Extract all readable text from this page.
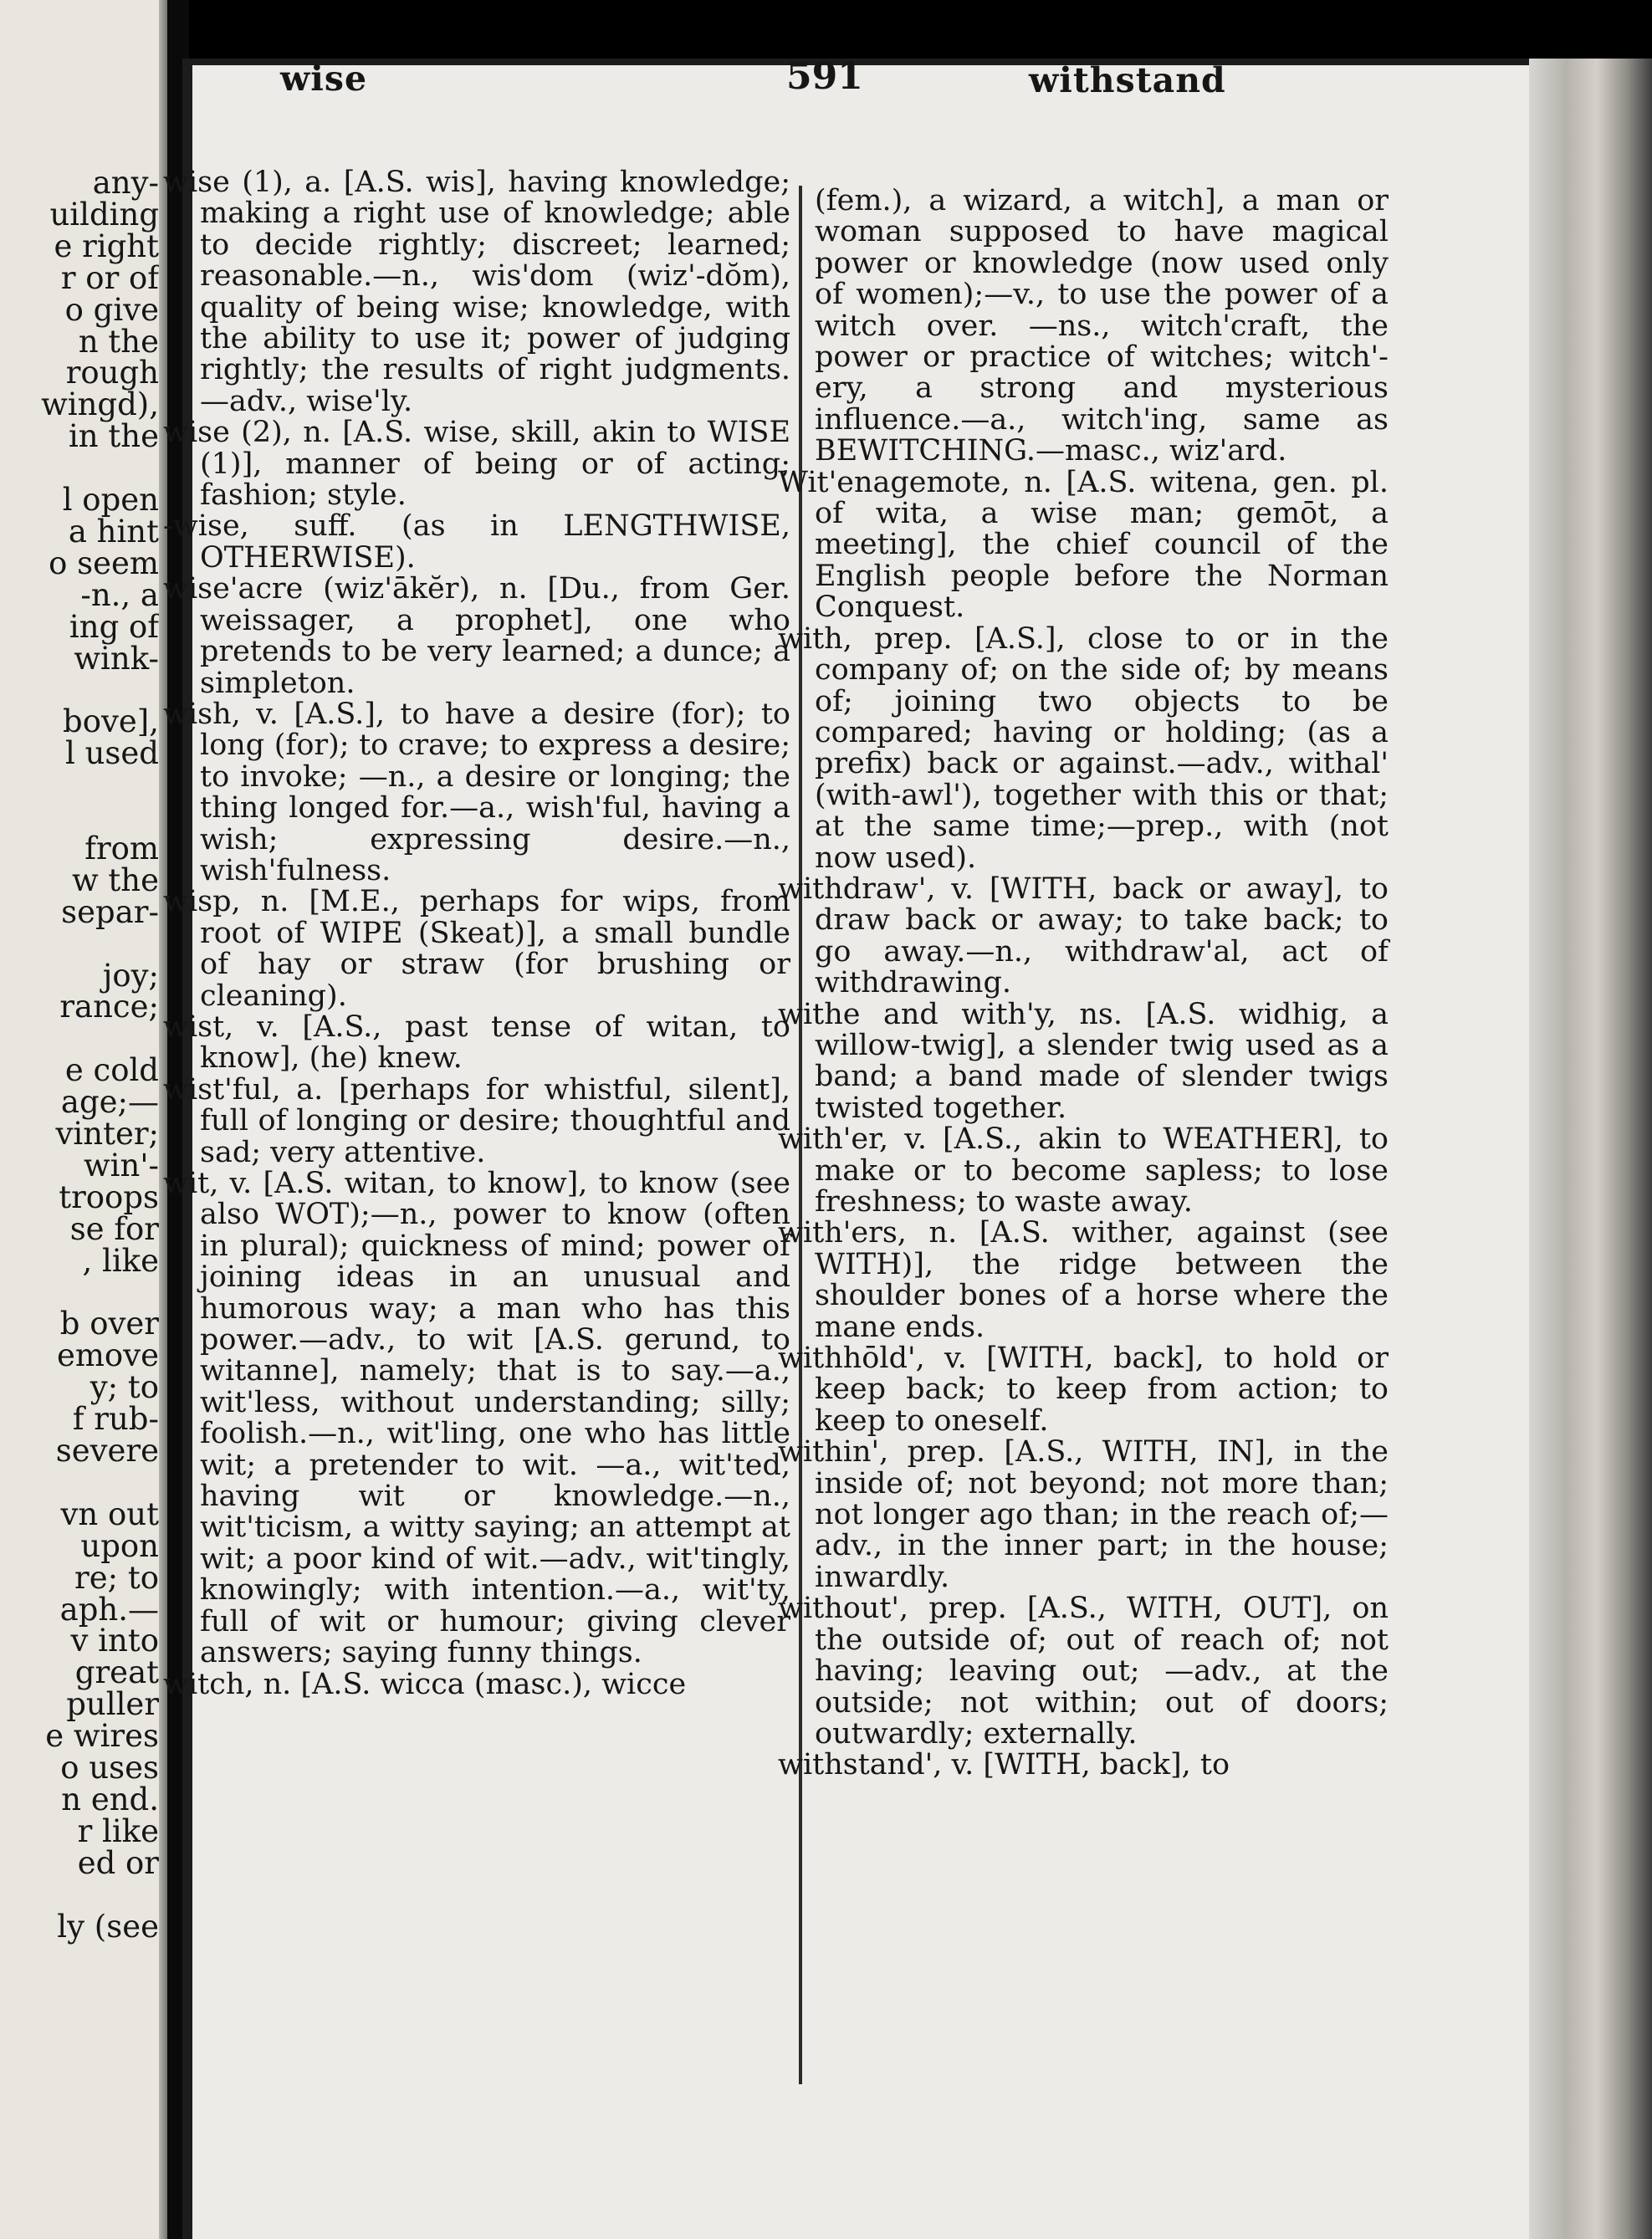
any-
uilding
e right
r or of
o give
n the
rough
wingd),
in the
l open
a hint
o seem
-n., a
ing of
wink-
bove],
l used
from
w the
separ-
joy;
rance;
e cold
age;—
vinter;
win'-
troops
se for
, like
b over
emove
y; to
f rub-
severe
vn out
upon
re; to
aph.—
v into
great
puller
e wires
o uses
n end.
r like
ed or
ly (see
wise	591	withstand

wise (1), a. [A.S. wis], having knowledge; making a right use of knowledge; able to decide rightly; discreet; learned; reasonable.—n., wis'dom (wiz'-dŏm), quality of being wise; knowledge, with the ability to use it; power of judging rightly; the results of right judgments. —adv., wise'ly.

wise (2), n. [A.S. wise, skill, akin to WISE (1)], manner of being or of acting; fashion; style.

-wise, suff. (as in LENGTHWISE, OTHERWISE).

wise'acre (wiz'ākĕr), n. [Du., from Ger. weissager, a prophet], one who pretends to be very learned; a dunce; a simpleton.

wish, v. [A.S.], to have a desire (for); to long (for); to crave; to express a desire; to invoke; —n., a desire or longing; the thing longed for.—a., wish'ful, having a wish; expressing desire.—n., wish'fulness.

wisp, n. [M.E., perhaps for wips, from root of WIPE (Skeat)], a small bundle of hay or straw (for brushing or cleaning).

wist, v. [A.S., past tense of witan, to know], (he) knew.

wist'ful, a. [perhaps for whistful, silent], full of longing or desire; thoughtful and sad; very attentive.

wit, v. [A.S. witan, to know], to know (see also WOT);—n., power to know (often in plural); quickness of mind; power of joining ideas in an unusual and humorous way; a man who has this power.—adv., to wit [A.S. gerund, to witanne], namely; that is to say.—a., wit'less, without understanding; silly; foolish.—n., wit'ling, one who has little wit; a pretender to wit. —a., wit'ted, having wit or knowledge.—n., wit'ticism, a witty saying; an attempt at wit; a poor kind of wit.—adv., wit'tingly, knowingly; with intention.—a., wit'ty, full of wit or humour; giving clever answers; saying funny things.

witch, n. [A.S. wicca (masc.), wicce

(fem.), a wizard, a witch], a man or woman supposed to have magical power or knowledge (now used only of women);—v., to use the power of a witch over. —ns., witch'craft, the power or practice of witches; witch'-ery, a strong and mysterious influence.—a., witch'ing, same as BEWITCHING.—masc., wiz'ard.

Wit'enagemote, n. [A.S. witena, gen. pl. of wita, a wise man; gemōt, a meeting], the chief council of the English people before the Norman Conquest.

with, prep. [A.S.], close to or in the company of; on the side of; by means of; joining two objects to be compared; having or holding; (as a prefix) back or against.—adv., withal' (with-awl'), together with this or that; at the same time;—prep., with (not now used).

withdraw', v. [WITH, back or away], to draw back or away; to take back; to go away.—n., withdraw'al, act of withdrawing.

withe and with'y, ns. [A.S. widhig, a willow-twig], a slender twig used as a band; a band made of slender twigs twisted together.

with'er, v. [A.S., akin to WEATHER], to make or to become sapless; to lose freshness; to waste away.

with'ers, n. [A.S. wither, against (see WITH)], the ridge between the shoulder bones of a horse where the mane ends.

withhōld', v. [WITH, back], to hold or keep back; to keep from action; to keep to oneself.

within', prep. [A.S., WITH, IN], in the inside of; not beyond; not more than; not longer ago than; in the reach of;—adv., in the inner part; in the house; inwardly.

without', prep. [A.S., WITH, OUT], on the outside of; out of reach of; not having; leaving out; —adv., at the outside; not within; out of doors; outwardly; externally.

withstand', v. [WITH, back], to
